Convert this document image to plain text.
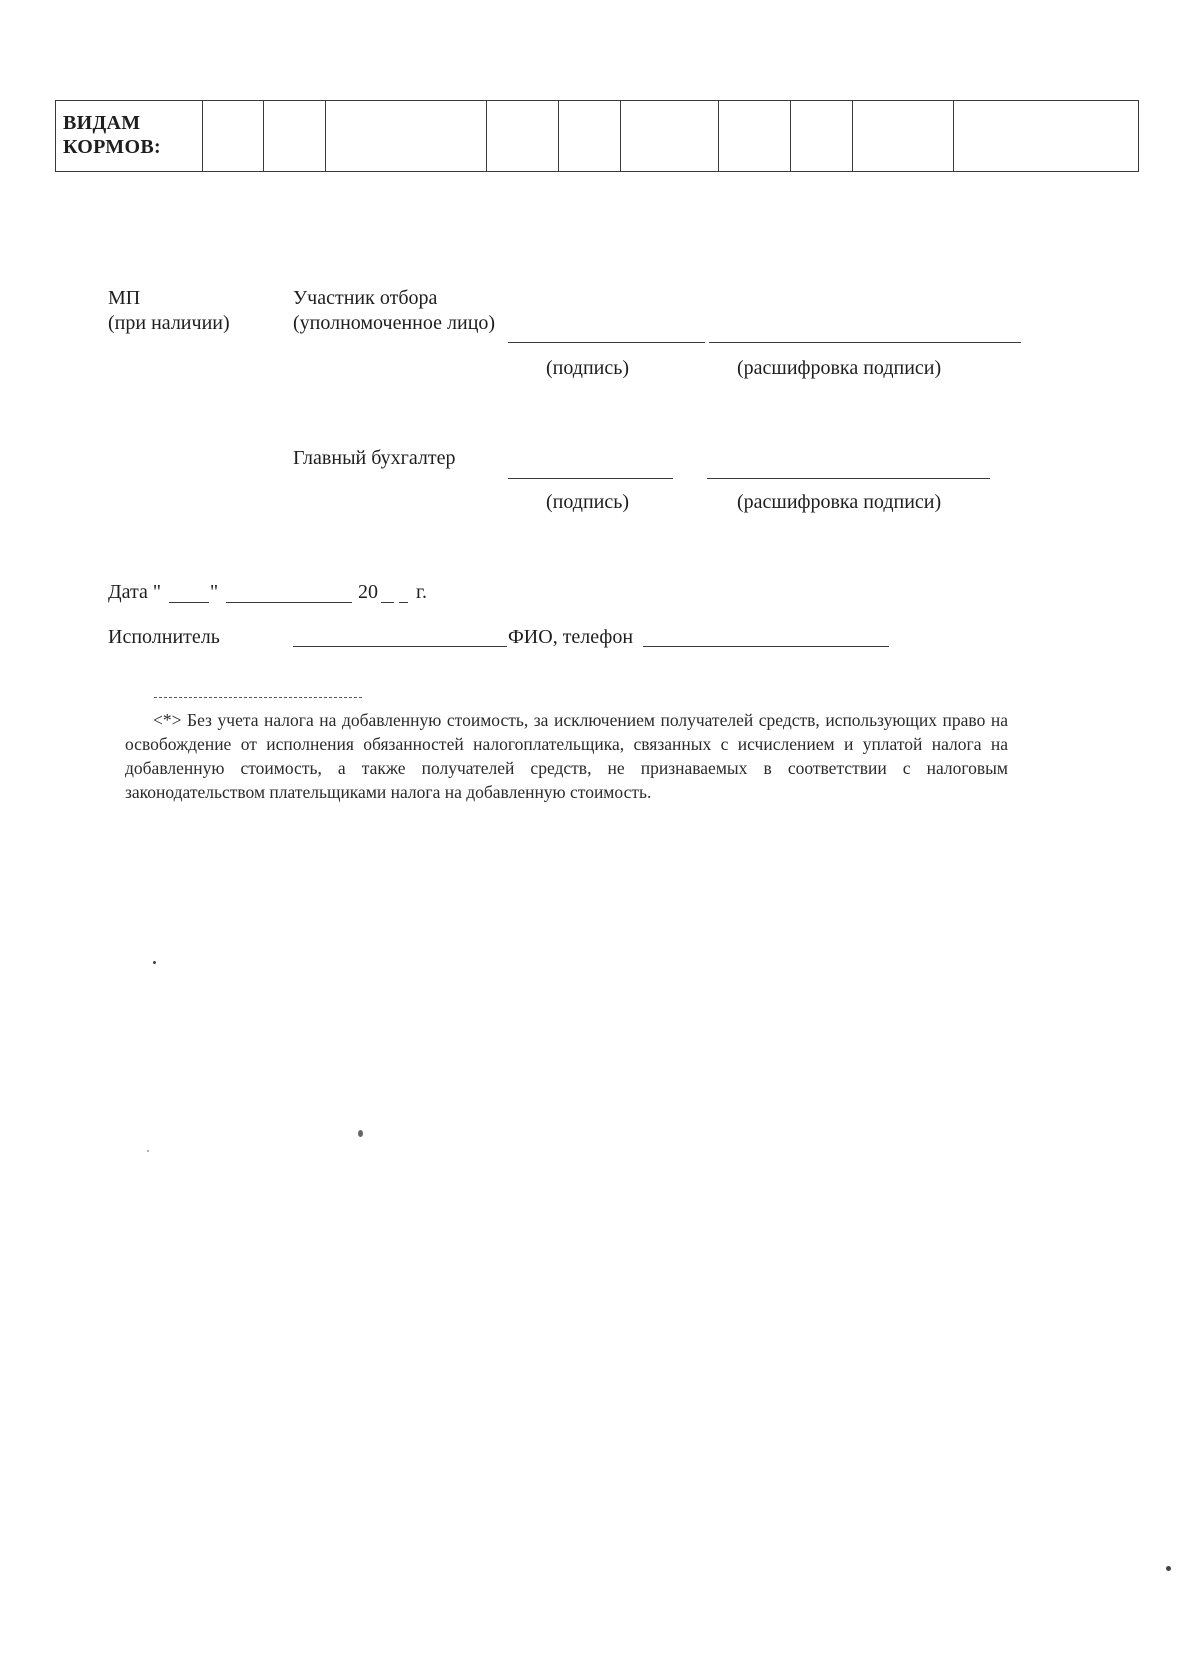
ВИДАМ
КОРМОВ:

МП
(при наличии)
Участник отбора
(уполномоченное лицо)
(подпись)	(расшифровка подписи)
Главный бухгалтер
(подпись)	(расшифровка подписи)
Дата " "	20 г.
Исполнитель	ФИО, телефон
<*> Без учета налога на добавленную стоимость, за исключением получателей средств, использующих право на освобождение от исполнения обязанностей налогоплательщика, связанных с исчислением и уплатой налога на добавленную стоимость, а также получателей средств, не признаваемых в соответствии с налоговым законодательством плательщиками налога на добавленную стоимость.
